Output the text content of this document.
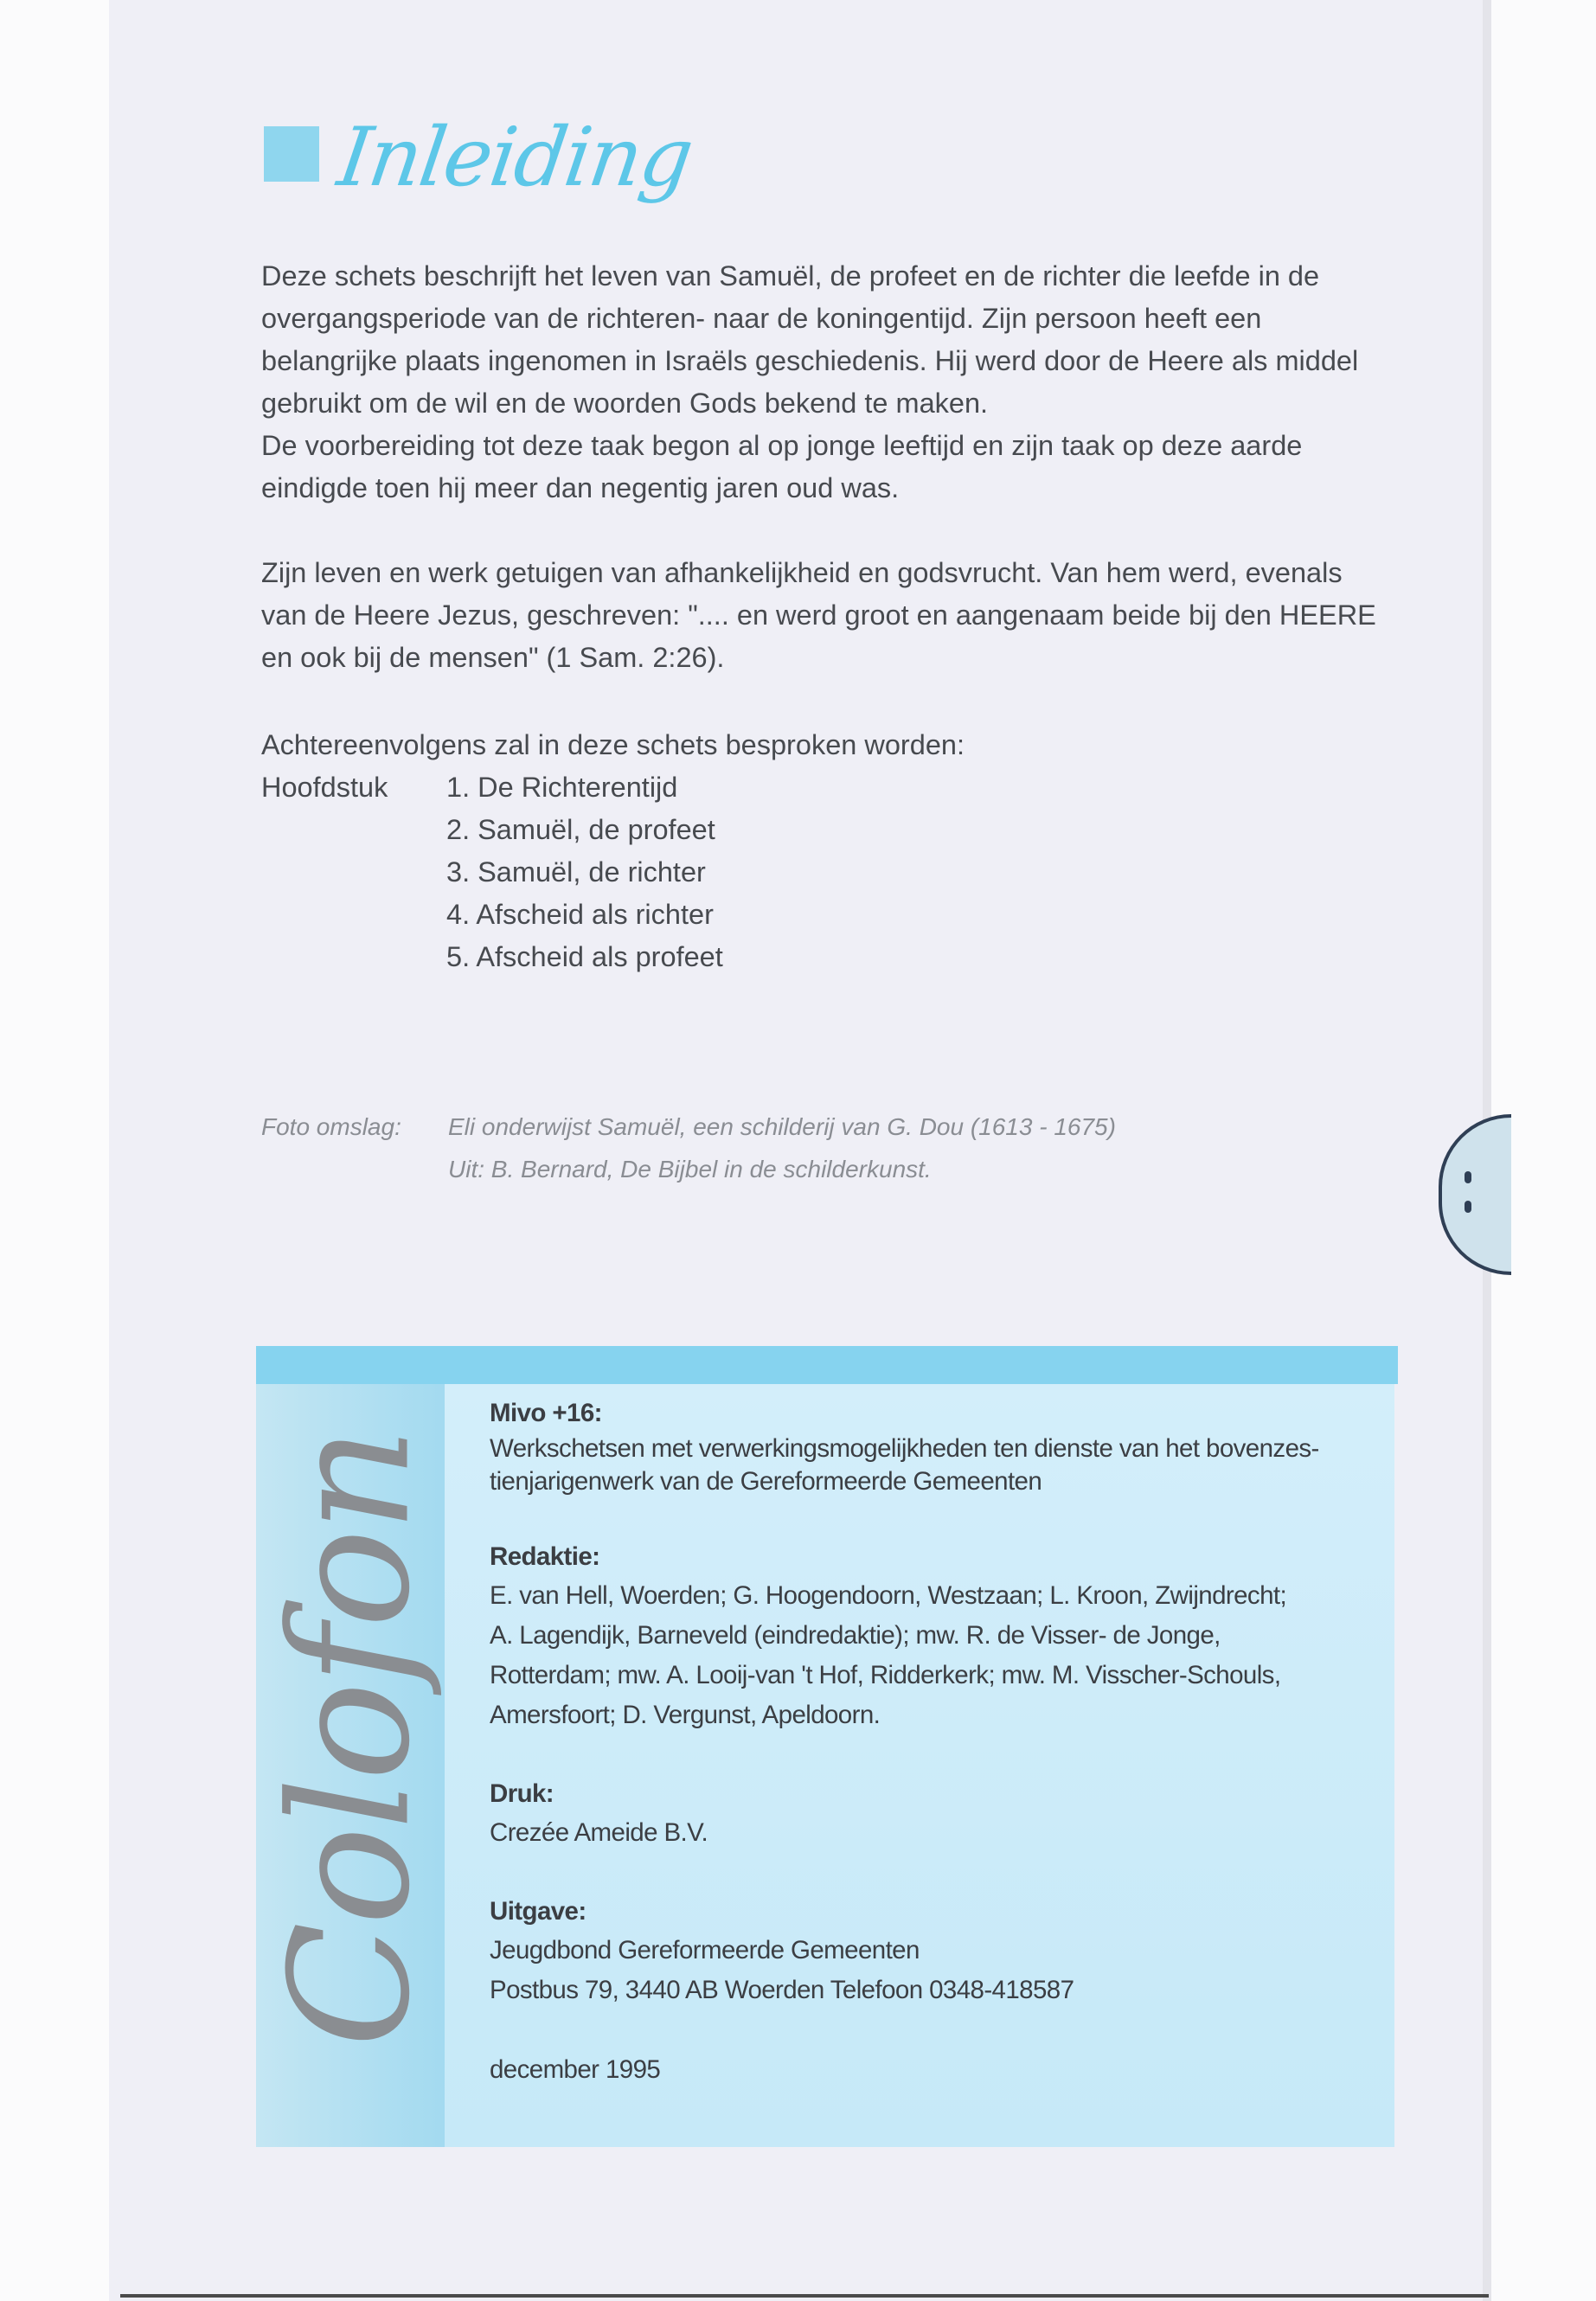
Inleiding

Deze schets beschrijft het leven van Samuël, de profeet en de richter die leefde in de overgangsperiode van de richteren- naar de koningentijd. Zijn persoon heeft een belangrijke plaats ingenomen in Israëls geschiedenis. Hij werd door de Heere als middel gebruikt om de wil en de woorden Gods bekend te maken.

De voorbereiding tot deze taak begon al op jonge leeftijd en zijn taak op deze aarde eindigde toen hij meer dan negentig jaren oud was.

Zijn leven en werk getuigen van afhankelijkheid en godsvrucht. Van hem werd, evenals van de Heere Jezus, geschreven: ".... en werd groot en aangenaam beide bij den HEERE en ook bij de mensen" (1 Sam. 2:26).

Achtereenvolgens zal in deze schets besproken worden:
Hoofdstuk	1. De Richterentijd
2. Samuël, de profeet
3. Samuël, de richter
4. Afscheid als richter
5. Afscheid als profeet
Foto omslag:	Eli onderwijst Samuël, een schilderij van G. Dou (1613 - 1675)
Uit: B. Bernard, De Bijbel in de schilderkunst.
Colofon
Mivo +16:
Werkschetsen met verwerkingsmogelijkheden ten dienste van het bovenzes-
tienjarigenwerk van de Gereformeerde Gemeenten
Redaktie:
E. van Hell, Woerden; G. Hoogendoorn, Westzaan; L. Kroon, Zwijndrecht;
A. Lagendijk, Barneveld (eindredaktie); mw. R. de Visser- de Jonge,
Rotterdam; mw. A. Looij-van 't Hof, Ridderkerk; mw. M. Visscher-Schouls,
Amersfoort; D. Vergunst, Apeldoorn.
Druk:
Crezée Ameide B.V.
Uitgave:
Jeugdbond Gereformeerde Gemeenten
Postbus 79, 3440 AB Woerden Telefoon 0348-418587
december 1995
